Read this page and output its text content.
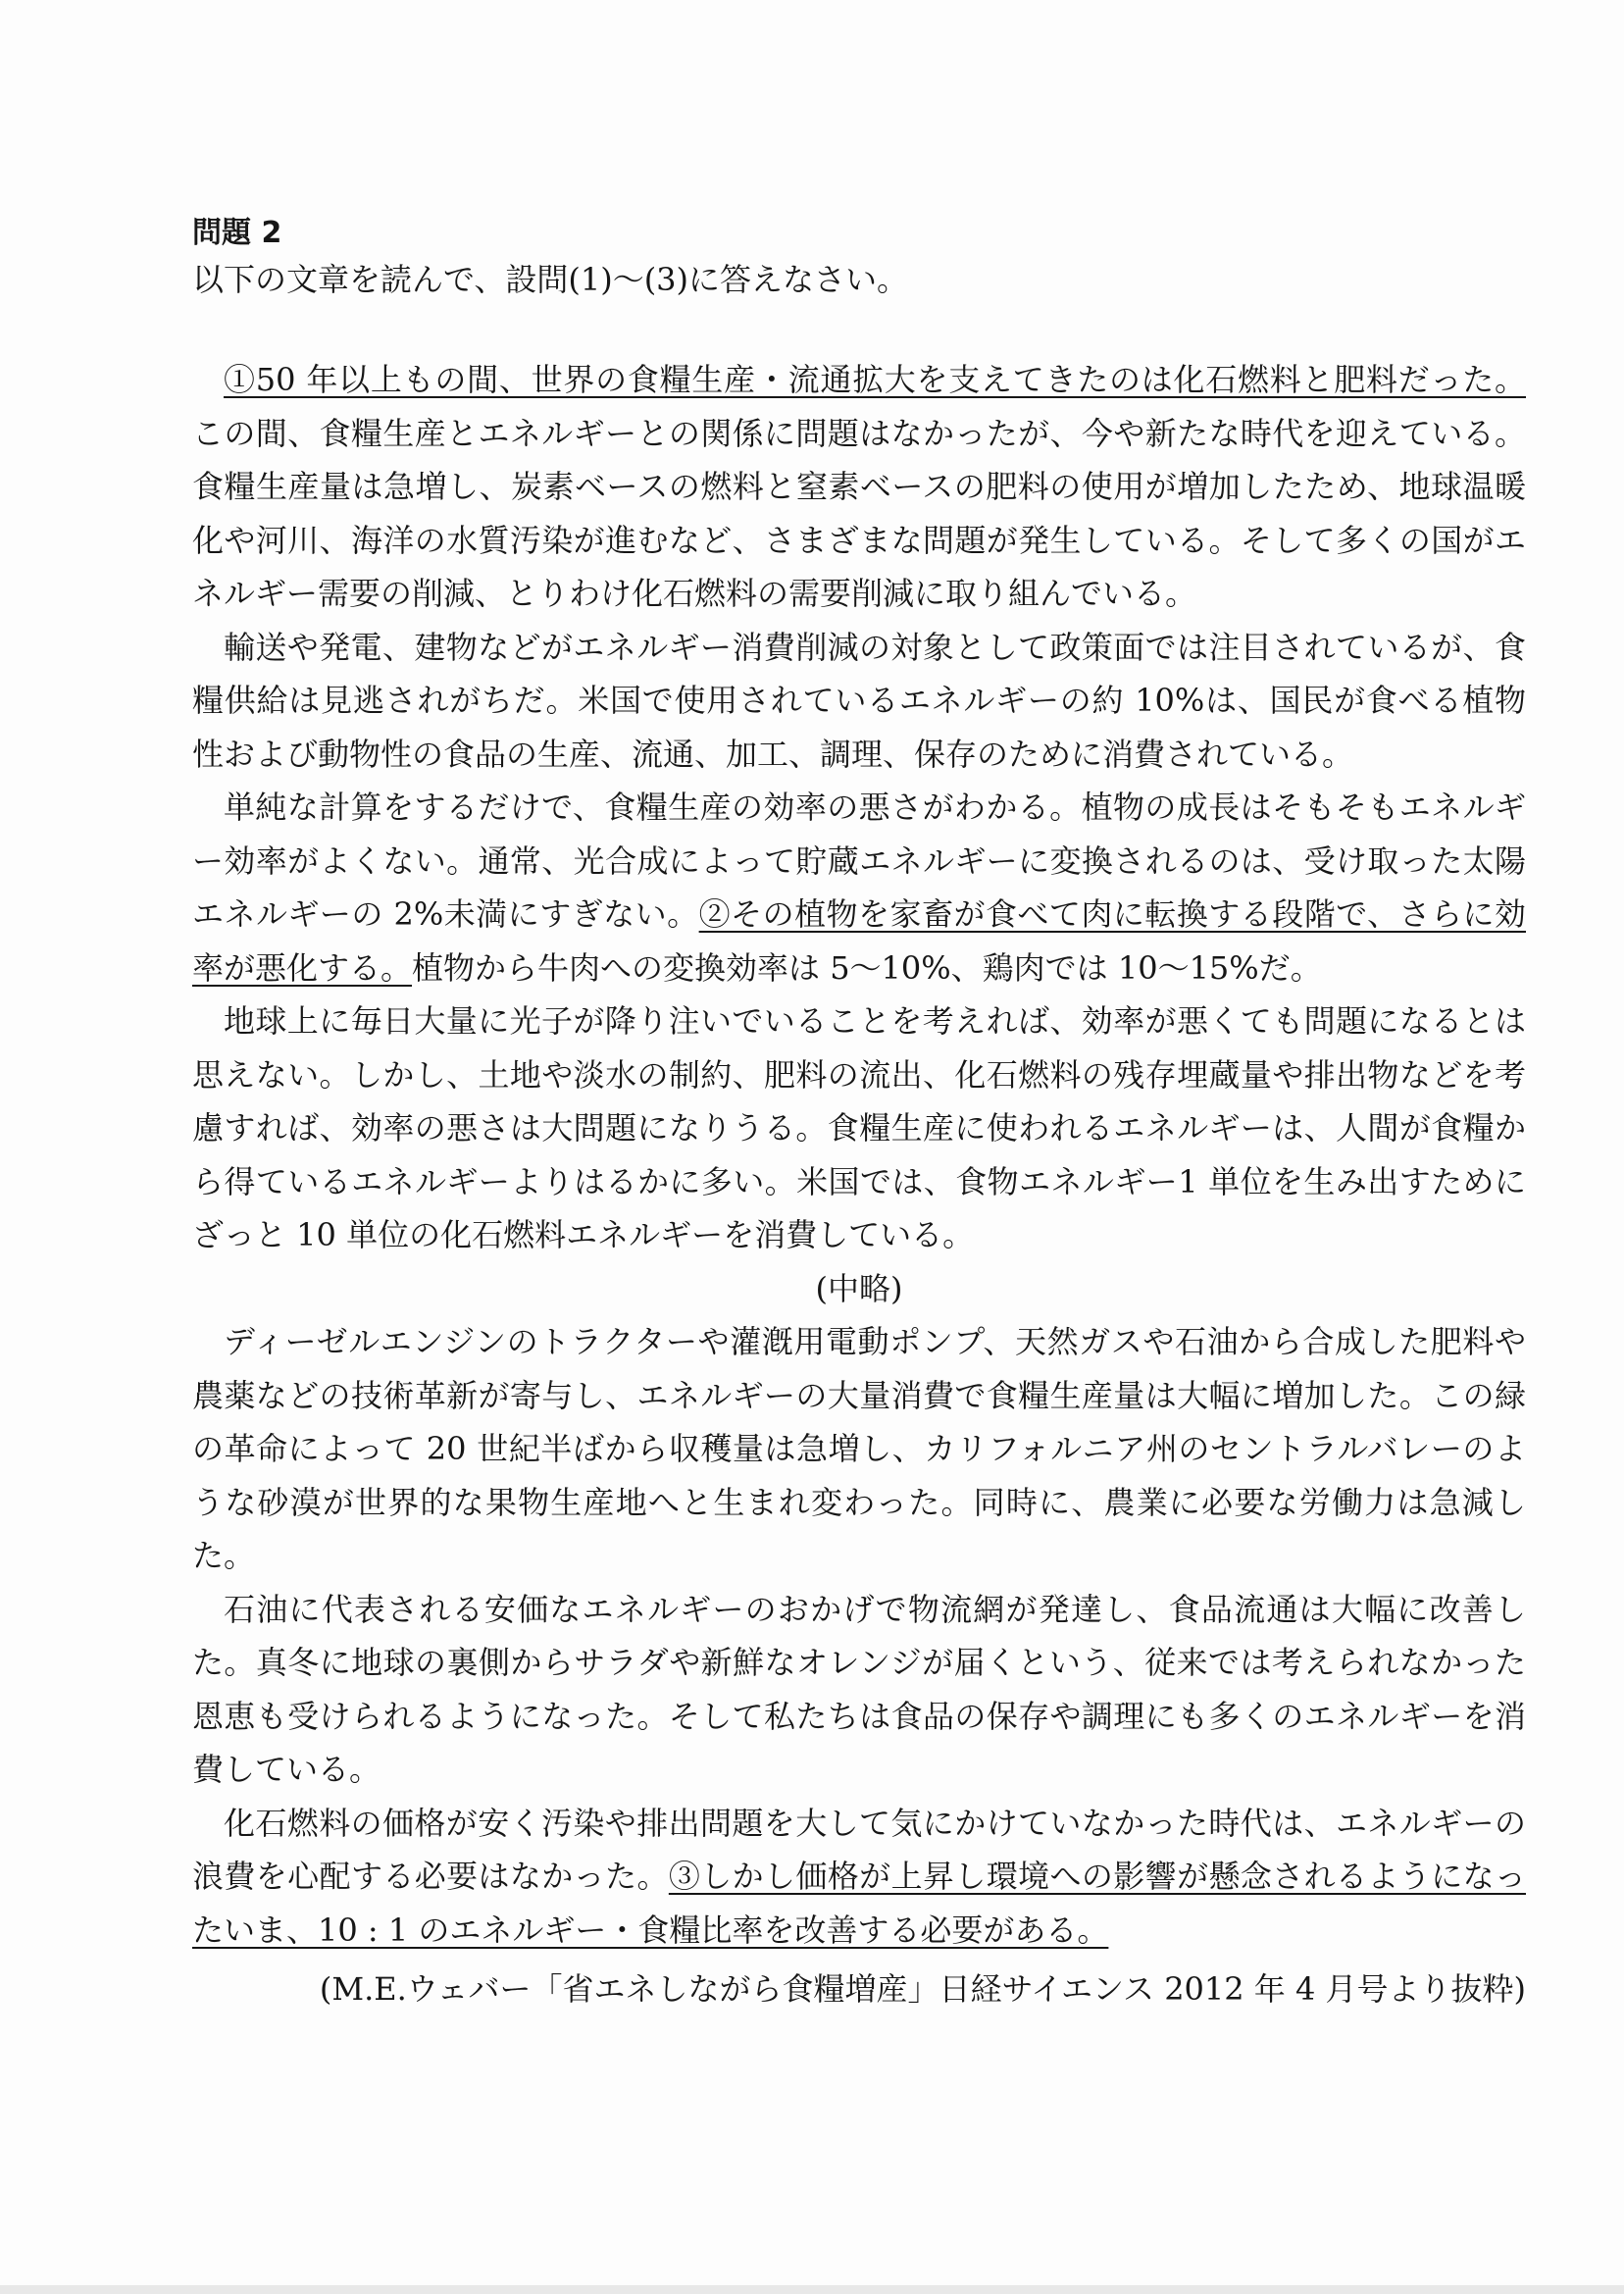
問題 2

以下の文章を読んで、設問(1)〜(3)に答えなさい。

①50 年以上もの間、世界の食糧生産・流通拡大を支えてきたのは化石燃料と肥料だった。この間、食糧生産とエネルギーとの関係に問題はなかったが、今や新たな時代を迎えている。食糧生産量は急増し、炭素ベースの燃料と窒素ベースの肥料の使用が増加したため、地球温暖化や河川、海洋の水質汚染が進むなど、さまざまな問題が発生している。そして多くの国がエネルギー需要の削減、とりわけ化石燃料の需要削減に取り組んでいる。

輸送や発電、建物などがエネルギー消費削減の対象として政策面では注目されているが、食糧供給は見逃されがちだ。米国で使用されているエネルギーの約 10%は、国民が食べる植物性および動物性の食品の生産、流通、加工、調理、保存のために消費されている。

単純な計算をするだけで、食糧生産の効率の悪さがわかる。植物の成長はそもそもエネルギー効率がよくない。通常、光合成によって貯蔵エネルギーに変換されるのは、受け取った太陽エネルギーの 2%未満にすぎない。②その植物を家畜が食べて肉に転換する段階で、さらに効率が悪化する。植物から牛肉への変換効率は 5〜10%、鶏肉では 10〜15%だ。

地球上に毎日大量に光子が降り注いでいることを考えれば、効率が悪くても問題になるとは思えない。しかし、土地や淡水の制約、肥料の流出、化石燃料の残存埋蔵量や排出物などを考慮すれば、効率の悪さは大問題になりうる。食糧生産に使われるエネルギーは、人間が食糧から得ているエネルギーよりはるかに多い。米国では、食物エネルギー1 単位を生み出すためにざっと 10 単位の化石燃料エネルギーを消費している。

(中略)

ディーゼルエンジンのトラクターや灌漑用電動ポンプ、天然ガスや石油から合成した肥料や農薬などの技術革新が寄与し、エネルギーの大量消費で食糧生産量は大幅に増加した。この緑の革命によって 20 世紀半ばから収穫量は急増し、カリフォルニア州のセントラルバレーのような砂漠が世界的な果物生産地へと生まれ変わった。同時に、農業に必要な労働力は急減した。

石油に代表される安価なエネルギーのおかげで物流網が発達し、食品流通は大幅に改善した。真冬に地球の裏側からサラダや新鮮なオレンジが届くという、従来では考えられなかった恩恵も受けられるようになった。そして私たちは食品の保存や調理にも多くのエネルギーを消費している。

化石燃料の価格が安く汚染や排出問題を大して気にかけていなかった時代は、エネルギーの浪費を心配する必要はなかった。③しかし価格が上昇し環境への影響が懸念されるようになったいま、10 : 1 のエネルギー・食糧比率を改善する必要がある。

(M.E.ウェバー「省エネしながら食糧増産」日経サイエンス 2012 年 4 月号より抜粋)
